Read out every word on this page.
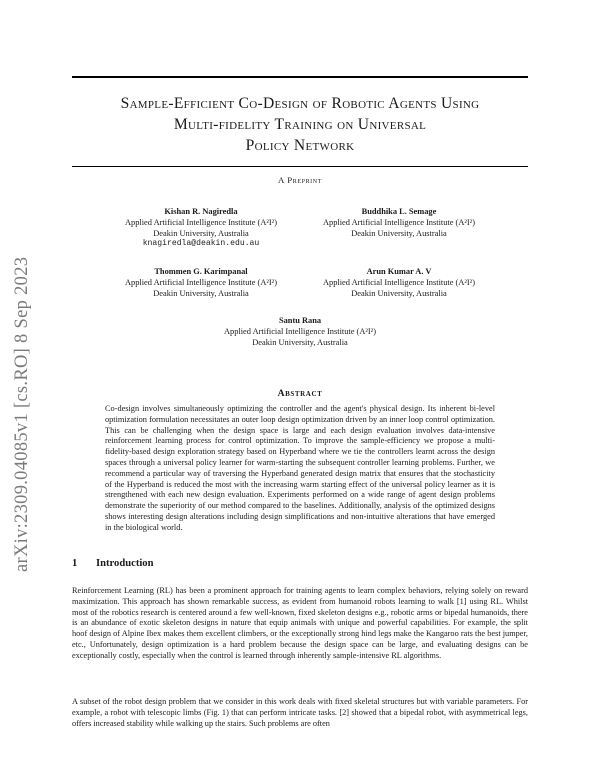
arXiv:2309.04085v1 [cs.RO] 8 Sep 2023
Sample-Efficient Co-Design of Robotic Agents Using
Multi-fidelity Training on Universal
Policy Network
A Preprint
Kishan R. Nagiredla
Applied Artificial Intelligence Institute (A²I²)
Deakin University, Australia
knagiredla@deakin.edu.au
Buddhika L. Semage
Applied Artificial Intelligence Institute (A²I²)
Deakin University, Australia
Thommen G. Karimpanal
Applied Artificial Intelligence Institute (A²I²)
Deakin University, Australia
Arun Kumar A. V
Applied Artificial Intelligence Institute (A²I²)
Deakin University, Australia
Santu Rana
Applied Artificial Intelligence Institute (A²I²)
Deakin University, Australia
Abstract
Co-design involves simultaneously optimizing the controller and the agent's physical design. Its inherent bi-level optimization formulation necessitates an outer loop design optimization driven by an inner loop control optimization. This can be challenging when the design space is large and each design evaluation involves data-intensive reinforcement learning process for control optimization. To improve the sample-efficiency we propose a multi-fidelity-based design exploration strategy based on Hyperband where we tie the controllers learnt across the design spaces through a universal policy learner for warm-starting the subsequent controller learning problems. Further, we recommend a particular way of traversing the Hyperband generated design matrix that ensures that the stochasticity of the Hyperband is reduced the most with the increasing warm starting effect of the universal policy learner as it is strengthened with each new design evaluation. Experiments performed on a wide range of agent design problems demonstrate the superiority of our method compared to the baselines. Additionally, analysis of the optimized designs shows interesting design alterations including design simplifications and non-intuitive alterations that have emerged in the biological world.
1 Introduction
Reinforcement Learning (RL) has been a prominent approach for training agents to learn complex behaviors, relying solely on reward maximization. This approach has shown remarkable success, as evident from humanoid robots learning to walk [1] using RL. Whilst most of the robotics research is centered around a few well-known, fixed skeleton designs e.g., robotic arms or bipedal humanoids, there is an abundance of exotic skeleton designs in nature that equip animals with unique and powerful capabilities. For example, the split hoof design of Alpine Ibex makes them excellent climbers, or the exceptionally strong hind legs make the Kangaroo rats the best jumper, etc., Unfortunately, design optimization is a hard problem because the design space can be large, and evaluating designs can be exceptionally costly, especially when the control is learned through inherently sample-intensive RL algorithms.
A subset of the robot design problem that we consider in this work deals with fixed skeletal structures but with variable parameters. For example, a robot with telescopic limbs (Fig. 1) that can perform intricate tasks. [2] showed that a bipedal robot, with asymmetrical legs, offers increased stability while walking up the stairs. Such problems are often
